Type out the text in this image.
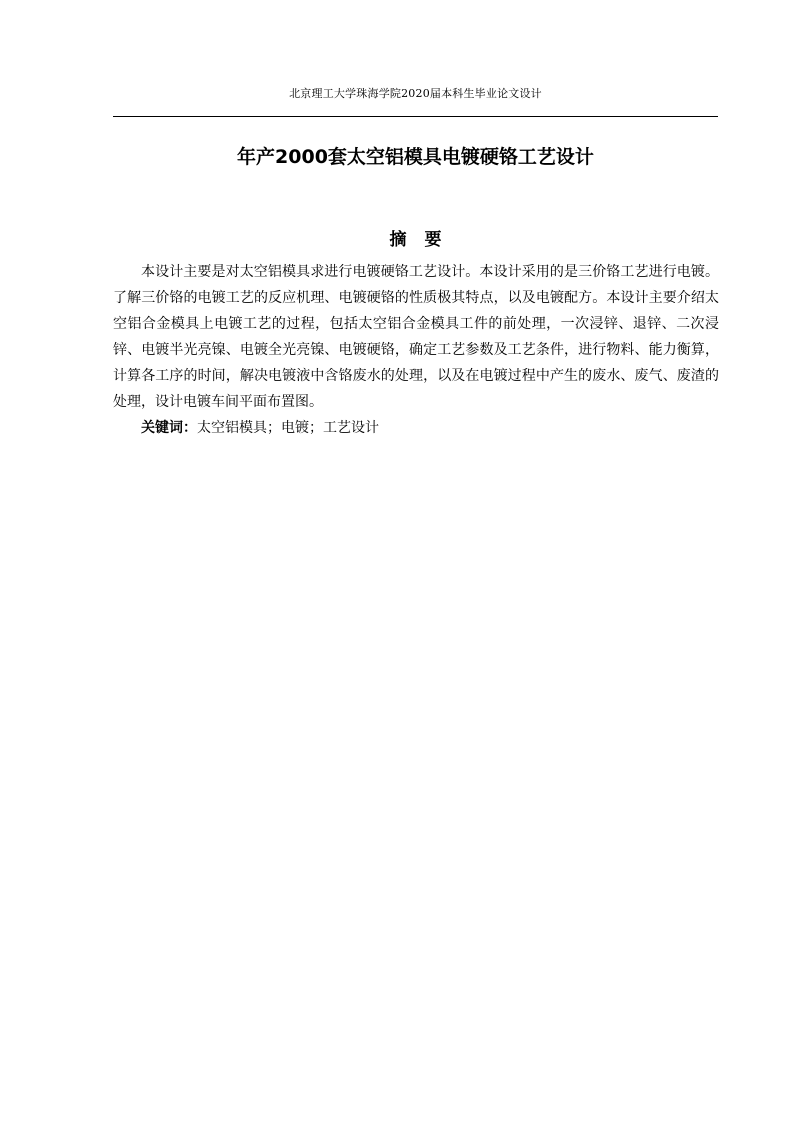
北京理工大学珠海学院2020届本科生毕业论文设计
年产2000套太空铝模具电镀硬铬工艺设计
摘要

本设计主要是对太空铝模具求进行电镀硬铬工艺设计。本设计采用的是三价铬工艺进行电镀。了解三价铬的电镀工艺的反应机理、电镀硬铬的性质极其特点，以及电镀配方。本设计主要介绍太空铝合金模具上电镀工艺的过程，包括太空铝合金模具工件的前处理，一次浸锌、退锌、二次浸锌、电镀半光亮镍、电镀全光亮镍、电镀硬铬，确定工艺参数及工艺条件，进行物料、能力衡算，计算各工序的时间，解决电镀液中含铬废水的处理，以及在电镀过程中产生的废水、废气、废渣的处理，设计电镀车间平面布置图。

关键词：太空铝模具；电镀；工艺设计
